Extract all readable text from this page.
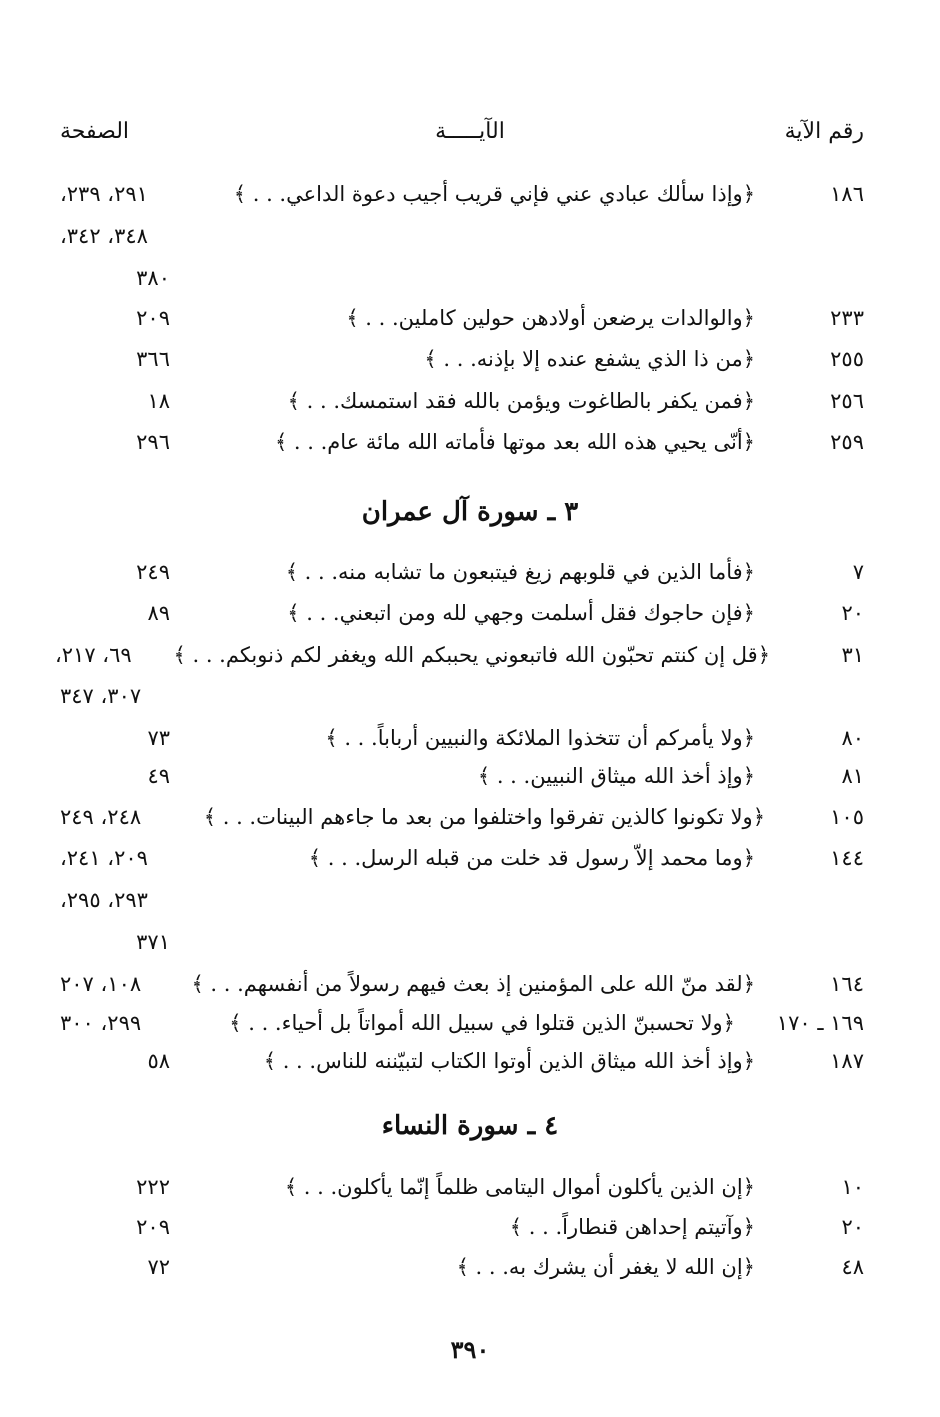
رقم الآية
الآيـــــة
الصفحة
١٨٦
﴿وإذا سألك عبادي عني فإني قريب أجيب دعوة الداعي. . . ﴾
٢٩١، ٢٣٩،
٣٤٨، ٣٤٢،
٣٨٠
٢٣٣
﴿والوالدات يرضعن أولادهن حولين كاملين. . . ﴾
٢٠٩
٢٥٥
﴿من ذا الذي يشفع عنده إلا بإذنه. . . ﴾
٣٦٦
٢٥٦
﴿فمن يكفر بالطاغوت ويؤمن بالله فقد استمسك. . . ﴾
١٨
٢٥٩
﴿أنّى يحيي هذه الله بعد موتها فأماته الله مائة عام. . . ﴾
٢٩٦
٣ ـ سورة آل عمران
٧
﴿فأما الذين في قلوبهم زيغ فيتبعون ما تشابه منه. . . ﴾
٢٤٩
٢٠
﴿فإن حاجوك فقل أسلمت وجهي لله ومن اتبعني. . . ﴾
٨٩
٣١
﴿قل إن كنتم تحبّون الله فاتبعوني يحببكم الله ويغفر لكم ذنوبكم. . . ﴾
٦٩، ٢١٧،
٣٠٧، ٣٤٧
٨٠
﴿ولا يأمركم أن تتخذوا الملائكة والنبيين أرباباً. . . ﴾
٧٣
٨١
﴿وإذ أخذ الله ميثاق النبيين. . . ﴾
٤٩
١٠٥
﴿ولا تكونوا كالذين تفرقوا واختلفوا من بعد ما جاءهم البينات. . . ﴾
٢٤٨، ٢٤٩
١٤٤
﴿وما محمد إلاّ رسول قد خلت من قبله الرسل. . . ﴾
٢٠٩، ٢٤١،
٢٩٣، ٢٩٥،
٣٧١
١٦٤
﴿لقد منّ الله على المؤمنين إذ بعث فيهم رسولاً من أنفسهم. . . ﴾
١٠٨، ٢٠٧
١٦٩ ـ ١٧٠
﴿ولا تحسبنّ الذين قتلوا في سبيل الله أمواتاً بل أحياء. . . ﴾
٢٩٩، ٣٠٠
١٨٧
﴿وإذ أخذ الله ميثاق الذين أوتوا الكتاب لتبيّننه للناس. . . ﴾
٥٨
٤ ـ سورة النساء
١٠
﴿إن الذين يأكلون أموال اليتامى ظلماً إنّما يأكلون. . . ﴾
٢٢٢
٢٠
﴿وآتيتم إحداهن قنطاراً. . . ﴾
٢٠٩
٤٨
﴿إن الله لا يغفر أن يشرك به. . . ﴾
٧٢
٣٩٠
